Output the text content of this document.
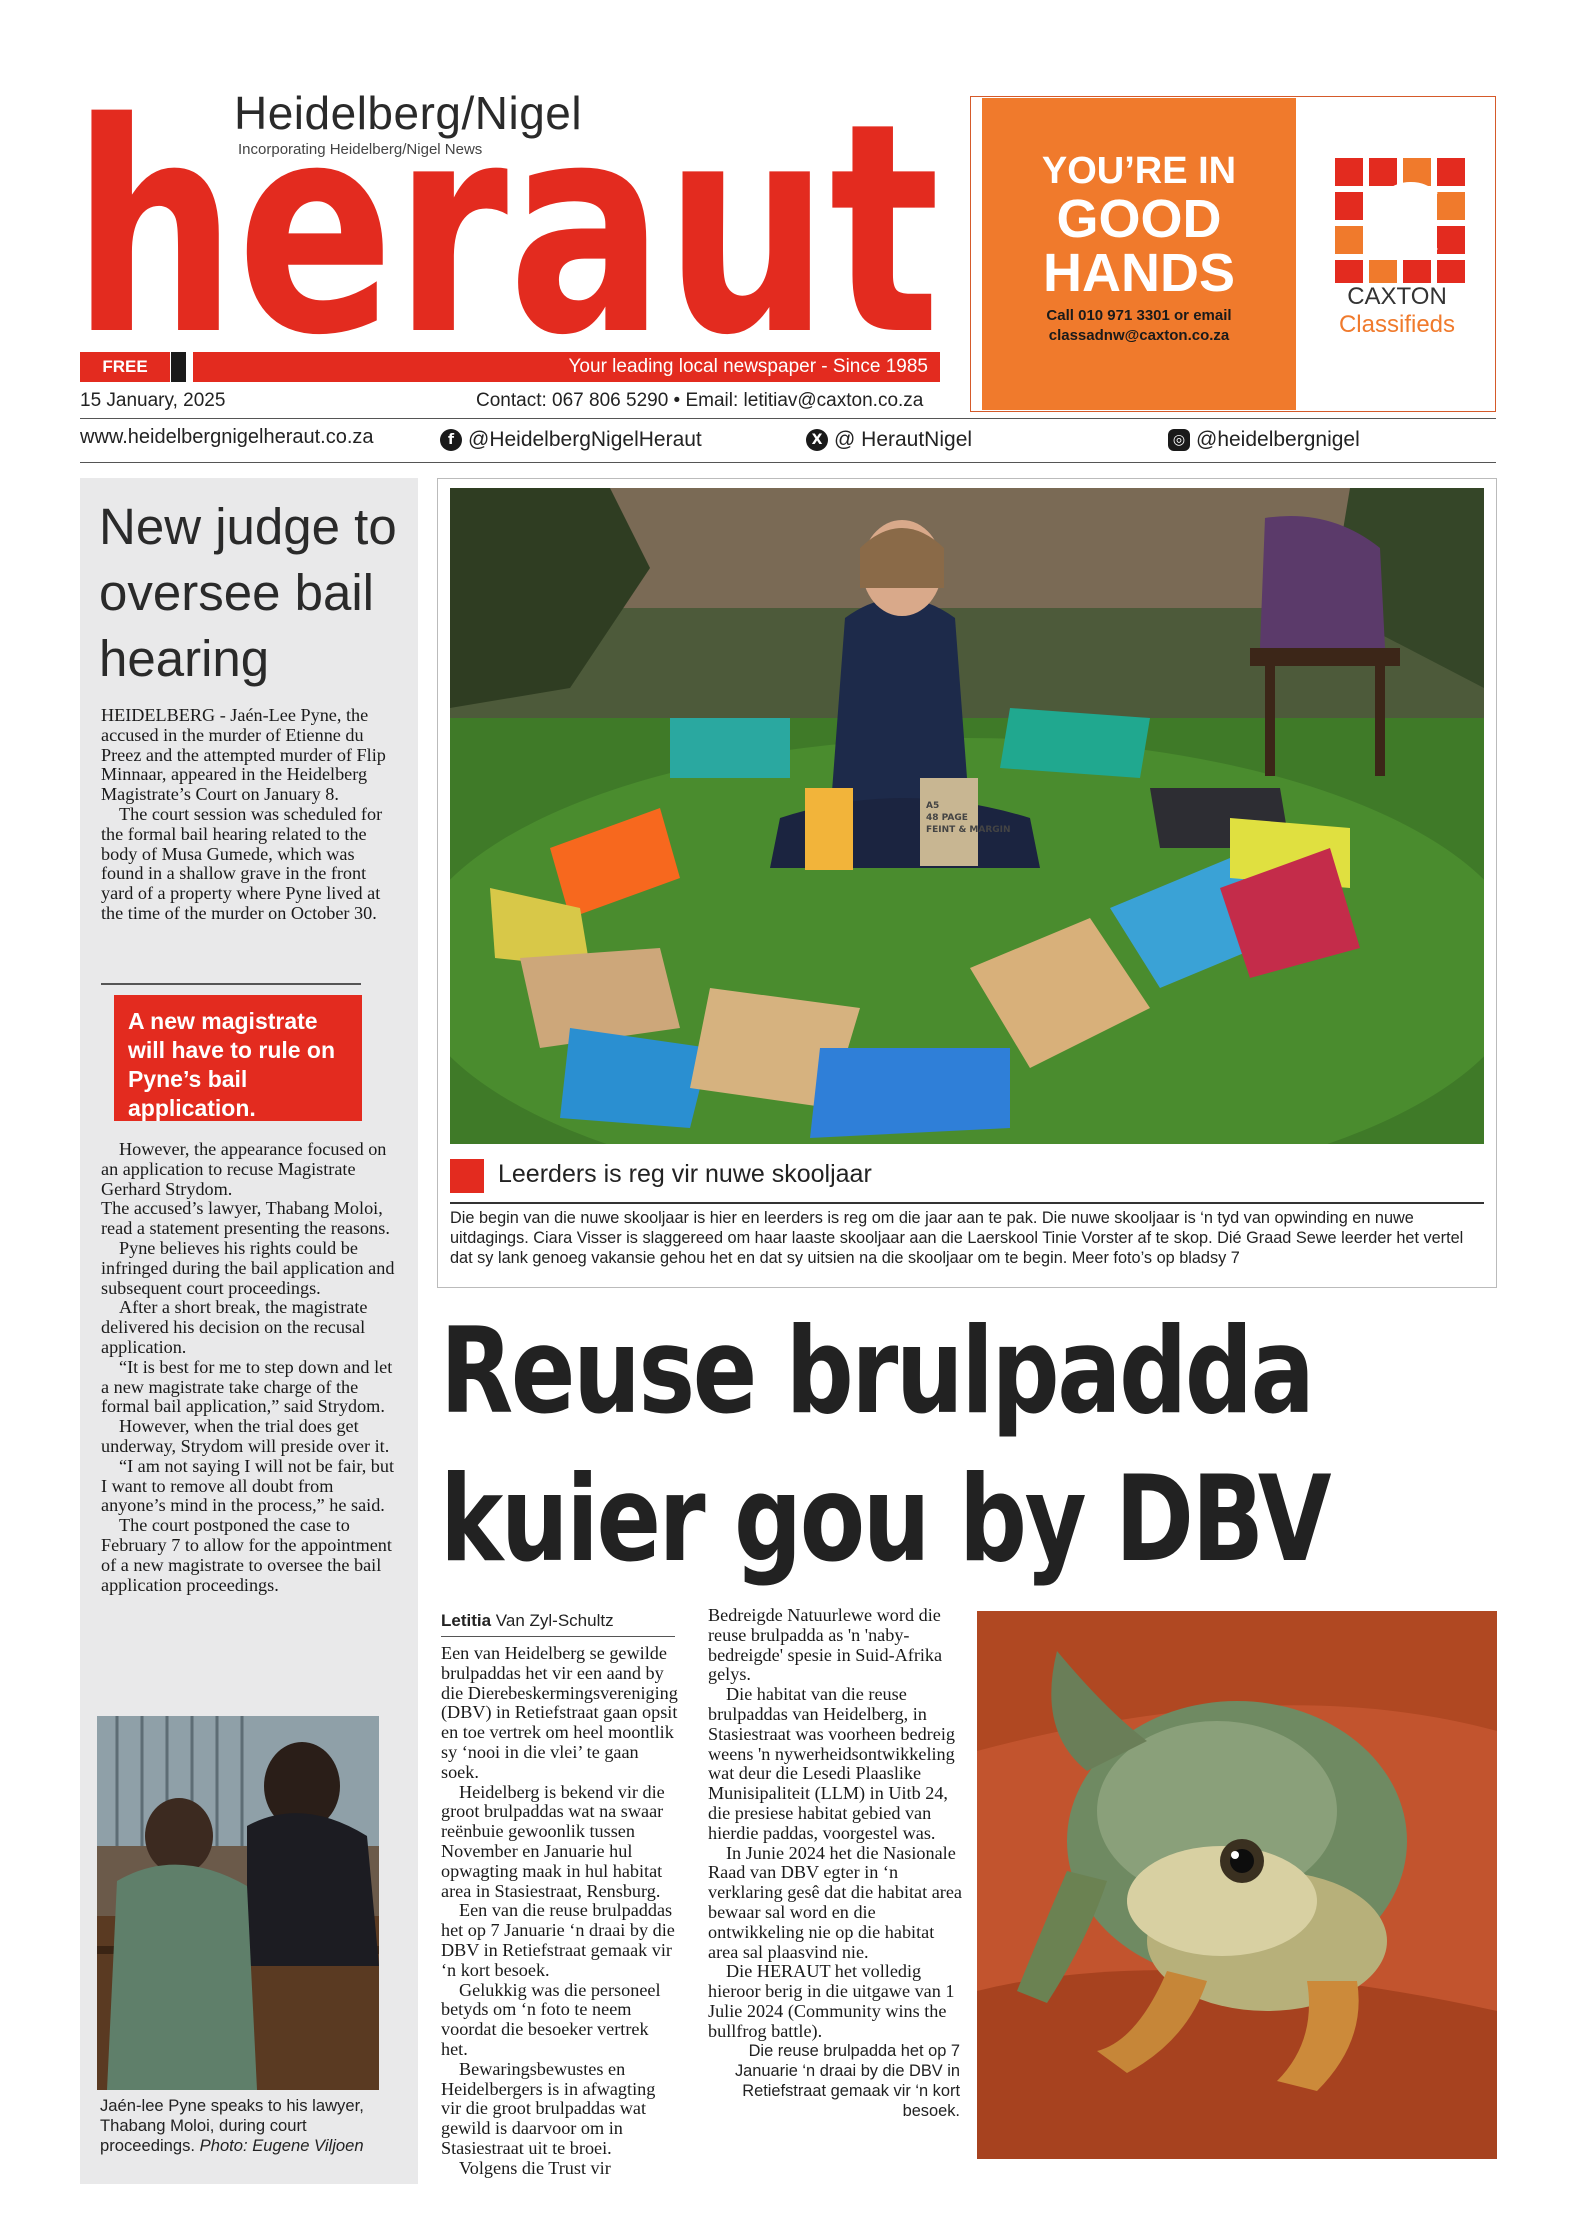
Heidelberg/Nigel
Incorporating Heidelberg/Nigel News
heraut
FREE	Your leading local newspaper - Since 1985
15 January, 2025	Contact: 067 806 5290 • Email: letitiav@caxton.co.za
YOU’RE IN
GOOD
HANDS
Call 010 971 3301 or email
classadnw@caxton.co.za
CAXTON
Classifieds
www.heidelbergnigelheraut.co.za	f @HeidelbergNigelHeraut	X @ HerautNigel	◎ @heidelbergnigel
New judge to oversee bail hearing

HEIDELBERG - Jaén-Lee Pyne, the accused in the murder of Etienne du Preez and the attempted murder of Flip Minnaar, appeared in the Heidelberg Magistrate’s Court on January 8.

The court session was scheduled for the formal bail hearing related to the body of Musa Gumede, which was found in a shallow grave in the front yard of a property where Pyne lived at the time of the murder on October 30.

A new magistrate will have to rule on Pyne’s bail application.

However, the appearance focused on an application to recuse Magistrate Gerhard Strydom.

The accused’s lawyer, Thabang Moloi, read a statement presenting the reasons.

Pyne believes his rights could be infringed during the bail application and subsequent court proceedings.

After a short break, the magistrate delivered his decision on the recusal application.

“It is best for me to step down and let a new magistrate take charge of the formal bail application,” said Strydom.

However, when the trial does get underway, Strydom will preside over it.

“I am not saying I will not be fair, but I want to remove all doubt from anyone’s mind in the process,” he said.

The court postponed the case to February 7 to allow for the appointment of a new magistrate to oversee the bail application proceedings.

Jaén-lee Pyne speaks to his lawyer, Thabang Moloi, during court proceedings. Photo: Eugene Viljoen
A5
48 PAGE
FEINT & MARGIN
Leerders is reg vir nuwe skooljaar
Die begin van die nuwe skooljaar is hier en leerders is reg om die jaar aan te pak. Die nuwe skooljaar is ‘n tyd van opwinding en nuwe uitdagings. Ciara Visser is slaggereed om haar laaste skooljaar aan die Laerskool Tinie Vorster af te skop. Dié Graad Sewe leerder het vertel dat sy lank genoeg vakansie gehou het en dat sy uitsien na die skooljaar om te begin. Meer foto’s op bladsy 7
Reuse brulpadda
kuier gou by DBV
Letitia Van Zyl-Schultz

Een van Heidelberg se gewilde brulpaddas het vir een aand by die Dierebeskermingsvereniging (DBV) in Retiefstraat gaan opsit en toe vertrek om heel moontlik sy ‘nooi in die vlei’ te gaan soek.

Heidelberg is bekend vir die groot brulpaddas wat na swaar reënbuie gewoonlik tussen November en Januarie hul opwagting maak in hul habitat area in Stasiestraat, Rensburg.

Een van die reuse brulpaddas het op 7 Januarie ‘n draai by die DBV in Retiefstraat gemaak vir ‘n kort besoek.

Gelukkig was die personeel betyds om ‘n foto te neem voordat die besoeker vertrek het.

Bewaringsbewustes en Heidelbergers is in afwagting vir die groot brulpaddas wat gewild is daarvoor om in Stasiestraat uit te broei.

Volgens die Trust vir

Bedreigde Natuurlewe word die reuse brulpadda as 'n 'naby-bedreigde' spesie in Suid-Afrika gelys.

Die habitat van die reuse brulpaddas van Heidelberg, in Stasiestraat was voorheen bedreig weens 'n nywerheidsontwikkeling wat deur die Lesedi Plaaslike Munisipaliteit (LLM) in Uitb 24, die presiese habitat gebied van hierdie paddas, voorgestel was.

In Junie 2024 het die Nasionale Raad van DBV egter in ‘n verklaring gesê dat die habitat area bewaar sal word en die ontwikkeling nie op die habitat area sal plaasvind nie.

Die HERAUT het volledig hieroor berig in die uitgawe van 1 Julie 2024 (Community wins the bullfrog battle).

Die reuse brulpadda het op 7 Januarie ‘n draai by die DBV in Retiefstraat gemaak vir ‘n kort besoek.
